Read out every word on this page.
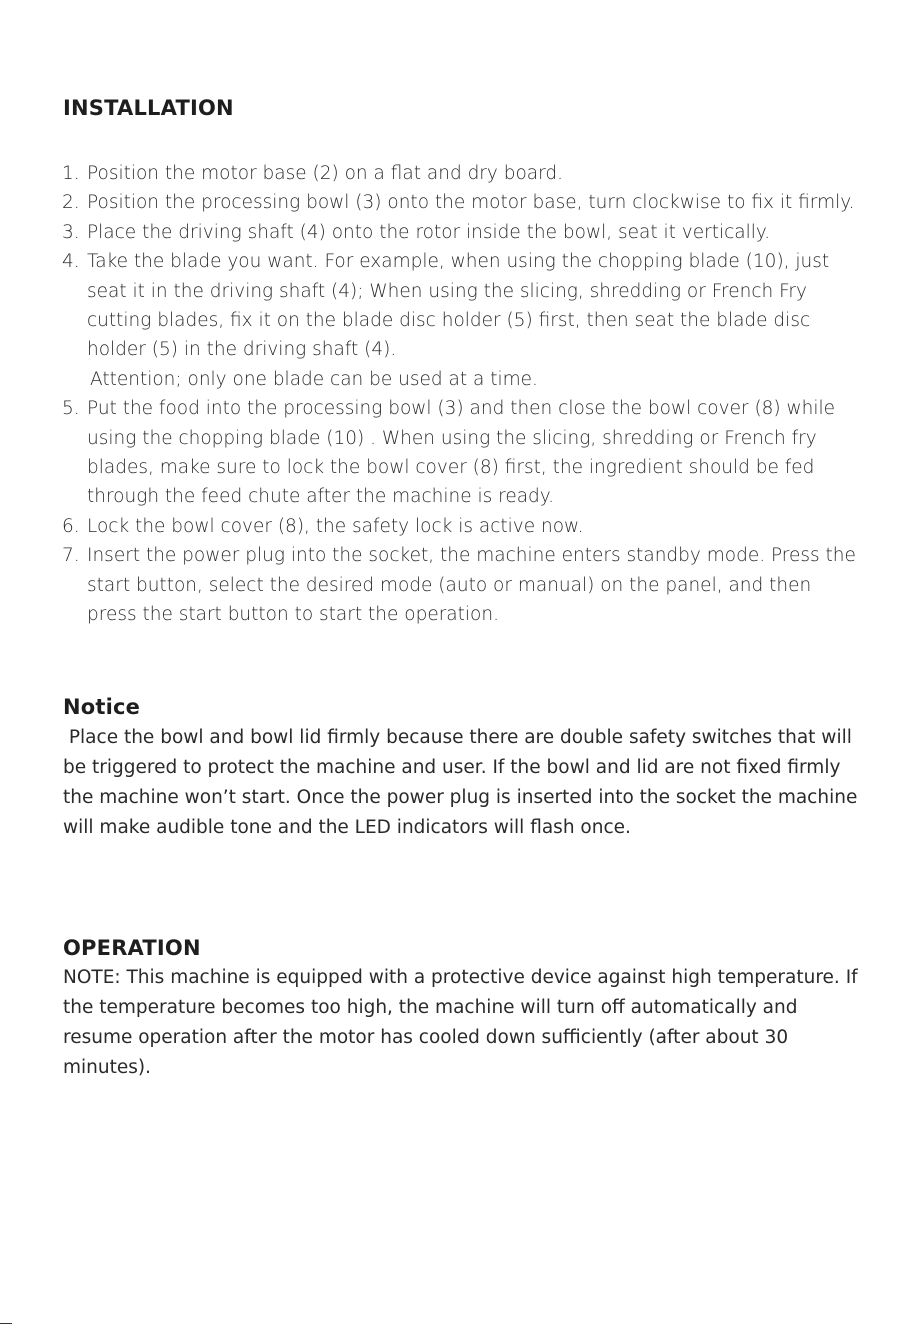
INSTALLATION
1. Position the motor base (2) on a flat and dry board.
2. Position the processing bowl (3) onto the motor base, turn clockwise to fix it firmly.
3. Place the driving shaft (4) onto the rotor inside the bowl, seat it vertically.
4. Take the blade you want. For example, when using the chopping blade (10), just seat it in the driving shaft (4); When using the slicing, shredding or French Fry cutting blades, fix it on the blade disc holder (5) first, then seat the blade disc holder (5) in the driving shaft (4).
Attention; only one blade can be used at a time.
5. Put the food into the processing bowl (3) and then close the bowl cover (8) while using the chopping blade (10) . When using the slicing, shredding or French fry blades, make sure to lock the bowl cover (8) first, the ingredient should be fed through the feed chute after the machine is ready.
6. Lock the bowl cover (8), the safety lock is active now.
7. Insert the power plug into the socket, the machine enters standby mode. Press the start button, select the desired mode (auto or manual) on the panel, and then press the start button to start the operation.
Notice

Place the bowl and bowl lid firmly because there are double safety switches that will be triggered to protect the machine and user. If the bowl and lid are not fixed firmly the machine won’t start. Once the power plug is inserted into the socket the machine will make audible tone and the LED indicators will flash once.

OPERATION

NOTE: This machine is equipped with a protective device against high temperature. If the temperature becomes too high, the machine will turn off automatically and resume operation after the motor has cooled down sufficiently (after about 30 minutes).
